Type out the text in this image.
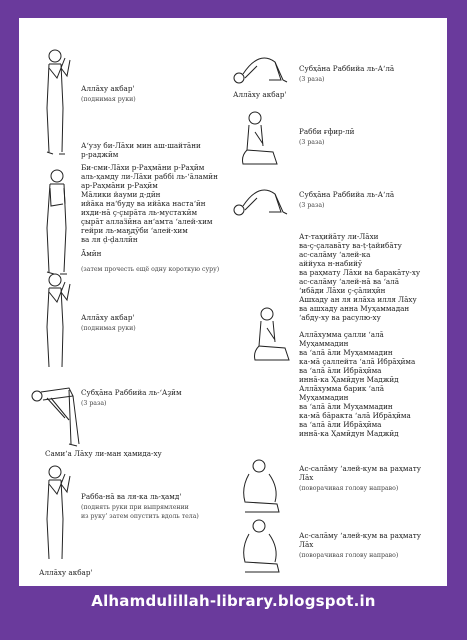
Аллāху акбарꞌ
(поднимая руки)
Аʻузу би-Лāхи мин аш-шайтāни
р-раджӣм
Би-сми-Лāхи р-Раҳмāни р-Раҳӣм
аль-ҳамду ли-Лāхи раббі ль-ʻāламӣн
ар-Раҳмāни р-Раҳӣм
Мāлики йауми д-дӣн
ийāка наʻбуду ва ийāка настаʻӣн
ихди-нā ç-çырāта ль-мустаҡӣм
çырāт аллаӟӣна анʻамта ʻалей-хим
гейри ль-маҕдӯби ʻалей-хим
ва ля ḍ-ḍаллӣн
Āмӣн
(затем прочесть ещё одну короткую суру)
Аллāху акбарꞌ
(поднимая руки)
Субҳāна Раббийа ль-ʻАҙӣм
(3 раза)
Самиʻа Лāху ли-ман ҳамида-ху
Рабба-нā ва ля-ка ль-ҳамдꞌ
(поднять руки при выпрямлении
из руку' затем опустить вдоль тела)
Аллāху акбарꞌ
Субҳāна Раббийа ль-Аʻлā
(3 раза)
Аллāху акбарꞌ
Рабби ғфир-лӣ
(3 раза)
Субҳāна Раббийа ль-Аʻлā
(3 раза)
Ат-таҳийāту ли-Лāхи
ва-ç-çалавāту ва-ṭ-ṭайибāту
ас-салāму ʻалей-ка
аййуха н-набийӯ
ва раҳмату Лāхи ва баракāту-ху
ас-салāму ʻалей-нā ва ʻалā
ʻибāди Лāхи ç-çāлиҳӣн
Ашхаду ан ля илāха илля Лāху
ва ашхаду анна Муҳаммадан
ʻабду-ху ва расулю-ху
Аллāхумма çалли ʻалā
Муҳаммадин
ва ʻалā āли Муҳаммадин
ка-мā çаллейта ʻалā Ибрāҳӣма
ва ʻалā āли Ибрāҳӣма
иннā-ка Ҳамӣдун Маджӣд
Аллāхумма барик ʻалā
Муҳаммадин
ва ʻалā āли Муҳаммадин
ка-мā бāракта ʻалā Ибрāҳӣма
ва ʻалā āли Ибрāҳӣма
иннā-ка Ҳамӣдун Маджӣд
Ас-салāму ʻалей-кум ва раҳмату
Лāх
(поворачивая голову направо)
Ас-салāму ʻалей-кум ва раҳмату
Лāх
(поворачивая голову направо)
Alhamdulillah-library.blogspot.in
